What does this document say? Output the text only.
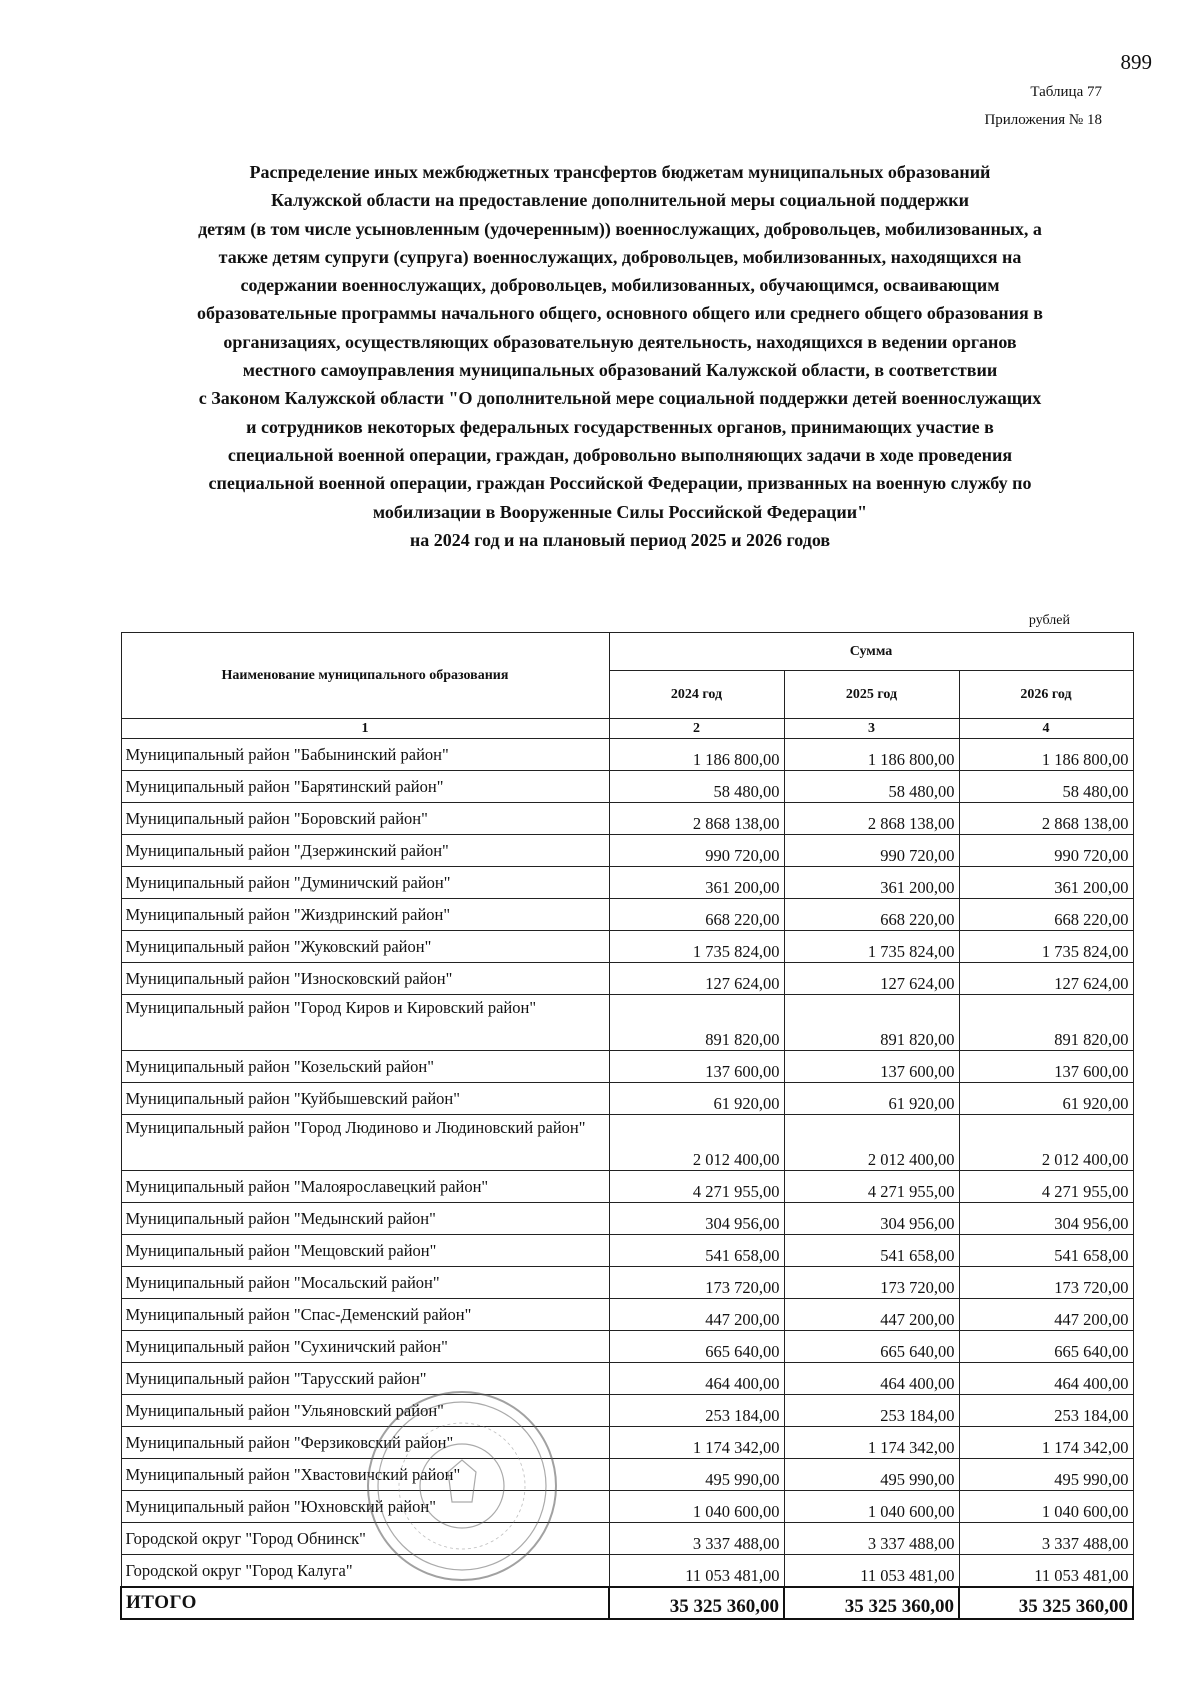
899
Таблица 77
Приложения № 18
Распределение иных межбюджетных трансфертов бюджетам муниципальных образований
Калужской области на предоставление дополнительной меры социальной поддержки
детям (в том числе усыновленным (удочеренным)) военнослужащих, добровольцев, мобилизованных, а
также детям супруги (супруга) военнослужащих, добровольцев, мобилизованных, находящихся на
содержании военнослужащих, добровольцев, мобилизованных, обучающимся, осваивающим
образовательные программы начального общего, основного общего или среднего общего образования в
организациях, осуществляющих образовательную деятельность, находящихся в ведении органов
местного самоуправления муниципальных образований Калужской области, в соответствии
с Законом Калужской области "О дополнительной мере социальной поддержки детей военнослужащих
и сотрудников некоторых федеральных государственных органов, принимающих участие в
специальной военной операции, граждан, добровольно выполняющих задачи в ходе проведения
специальной военной операции, граждан Российской Федерации, призванных на военную службу по
мобилизации в Вооруженные Силы Российской Федерации"
на 2024 год и на плановый период 2025 и 2026 годов
рублей
Наименование муниципального образования	Сумма		
	2024 год	2025 год	2026 год
1	2	3	4
Муниципальный район "Бабынинский район"	1 186 800,00	1 186 800,00	1 186 800,00
Муниципальный район "Барятинский район"	58 480,00	58 480,00	58 480,00
Муниципальный район "Боровский район"	2 868 138,00	2 868 138,00	2 868 138,00
Муниципальный район "Дзержинский район"	990 720,00	990 720,00	990 720,00
Муниципальный район "Думиничский район"	361 200,00	361 200,00	361 200,00
Муниципальный район "Жиздринский район"	668 220,00	668 220,00	668 220,00
Муниципальный район "Жуковский район"	1 735 824,00	1 735 824,00	1 735 824,00
Муниципальный район "Износковский район"	127 624,00	127 624,00	127 624,00
Муниципальный район "Город Киров и Кировский район"	891 820,00	891 820,00	891 820,00
Муниципальный район "Козельский район"	137 600,00	137 600,00	137 600,00
Муниципальный район "Куйбышевский район"	61 920,00	61 920,00	61 920,00
Муниципальный район "Город Людиново и Людиновский район"	2 012 400,00	2 012 400,00	2 012 400,00
Муниципальный район "Малоярославецкий район"	4 271 955,00	4 271 955,00	4 271 955,00
Муниципальный район "Медынский район"	304 956,00	304 956,00	304 956,00
Муниципальный район "Мещовский район"	541 658,00	541 658,00	541 658,00
Муниципальный район "Мосальский район"	173 720,00	173 720,00	173 720,00
Муниципальный район "Спас-Деменский район"	447 200,00	447 200,00	447 200,00
Муниципальный район "Сухиничский район"	665 640,00	665 640,00	665 640,00
Муниципальный район "Тарусский район"	464 400,00	464 400,00	464 400,00
Муниципальный район "Ульяновский район"	253 184,00	253 184,00	253 184,00
Муниципальный район "Ферзиковский район"	1 174 342,00	1 174 342,00	1 174 342,00
Муниципальный район "Хвастовичский район"	495 990,00	495 990,00	495 990,00
Муниципальный район "Юхновский район"	1 040 600,00	1 040 600,00	1 040 600,00
Городской округ "Город Обнинск"	3 337 488,00	3 337 488,00	3 337 488,00
Городской округ "Город Калуга"	11 053 481,00	11 053 481,00	11 053 481,00
ИТОГО	35 325 360,00	35 325 360,00	35 325 360,00
